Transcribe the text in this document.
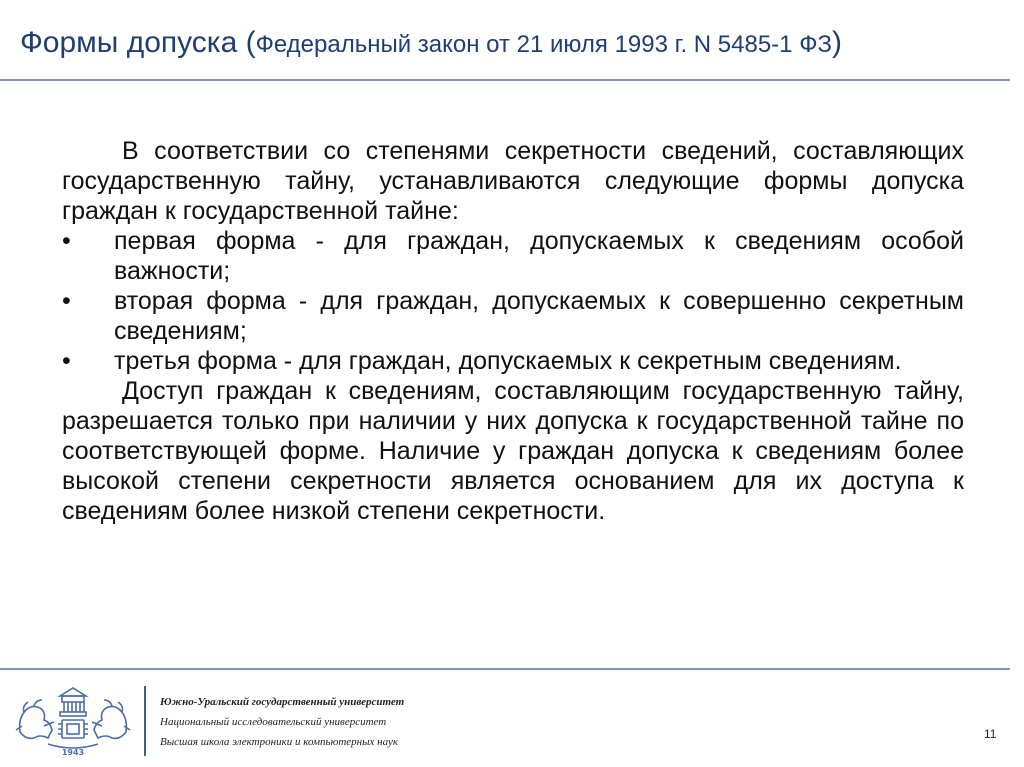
Формы допуска (Федеральный закон от 21 июля 1993 г. N 5485-1 ФЗ)

В соответствии со степенями секретности сведений, составляющих государственную тайну, устанавливаются следующие формы допуска граждан к государственной тайне:

•	первая форма - для граждан, допускаемых к сведениям особой важности;
•	вторая форма - для граждан, допускаемых к совершенно секретным сведениям;
•	третья форма - для граждан, допускаемых к секретным сведениям.

Доступ граждан к сведениям, составляющим государственную тайну, разрешается только при наличии у них допуска к государственной тайне по соответствующей форме. Наличие у граждан допуска к сведениям более высокой степени секретности является основанием для их доступа к сведениям более низкой степени секретности.

1943
Южно-Уральский государственный университет
Национальный исследовательский университет
Высшая школа электроники и компьютерных наук
11
